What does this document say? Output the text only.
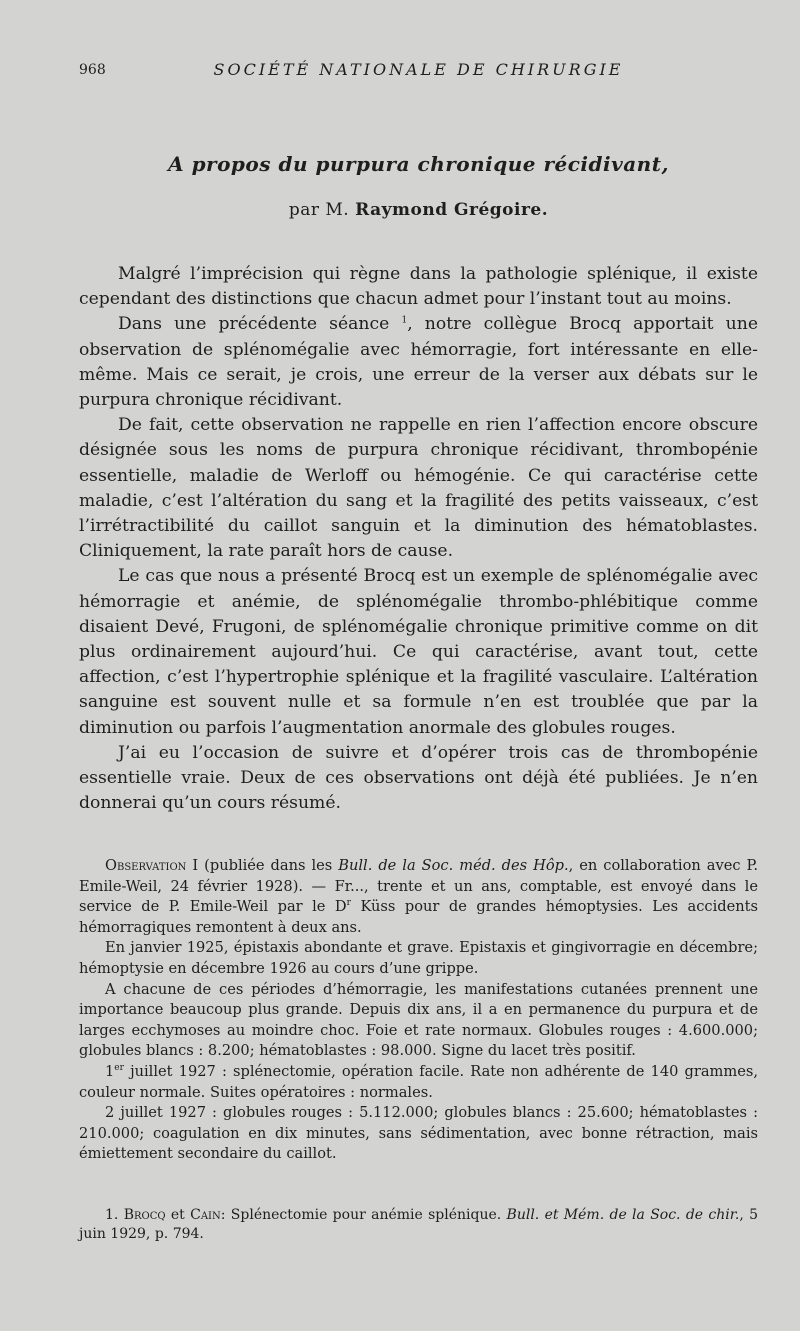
968	SOCIÉTÉ NATIONALE DE CHIRURGIE
A propos du purpura chronique récidivant,
par M. Raymond Grégoire.

Malgré l’imprécision qui règne dans la pathologie splénique, il existe cependant des distinctions que chacun admet pour l’instant tout au moins.

Dans une précédente séance $^1$, notre collègue Brocq apportait une observation de splénomégalie avec hémorragie, fort intéressante en elle-même. Mais ce serait, je crois, une erreur de la verser aux débats sur le purpura chronique récidivant.

De fait, cette observation ne rappelle en rien l’affection encore obscure désignée sous les noms de purpura chronique récidivant, thrombopénie essentielle, maladie de Werloff ou hémogénie. Ce qui caractérise cette maladie, c’est l’altération du sang et la fragilité des petits vaisseaux, c’est l’irrétractibilité du caillot sanguin et la diminution des hématoblastes. Cliniquement, la rate paraît hors de cause.

Le cas que nous a présenté Brocq est un exemple de splénomégalie avec hémorragie et anémie, de splénomégalie thrombo-phlébitique comme disaient Devé, Frugoni, de splénomégalie chronique primitive comme on dit plus ordinairement aujourd’hui. Ce qui caractérise, avant tout, cette affection, c’est l’hypertrophie splénique et la fragilité vasculaire. L’altération sanguine est souvent nulle et sa formule n’en est troublée que par la diminution ou parfois l’augmentation anormale des globules rouges.

J’ai eu l’occasion de suivre et d’opérer trois cas de thrombopénie essentielle vraie. Deux de ces observations ont déjà été publiées. Je n’en donnerai qu’un cours résumé.

Observation I (publiée dans les Bull. de la Soc. méd. des Hôp., en collaboration avec P. Emile-Weil, 24 février 1928). — Fr..., trente et un ans, comptable, est envoyé dans le service de P. Emile-Weil par le $D^r$ Küss pour de grandes hémoptysies. Les accidents hémorragiques remontent à deux ans.

En janvier 1925, épistaxis abondante et grave. Epistaxis et gingivorragie en décembre; hémoptysie en décembre 1926 au cours d’une grippe.

A chacune de ces périodes d’hémorragie, les manifestations cutanées prennent une importance beaucoup plus grande. Depuis dix ans, il a en permanence du purpura et de larges ecchymoses au moindre choc. Foie et rate normaux. Globules rouges : 4.600.000; globules blancs : 8.200; hématoblastes : 98.000. Signe du lacet très positif.

1er juillet 1927 : splénectomie, opération facile. Rate non adhérente de 140 grammes, couleur normale. Suites opératoires : normales.

2 juillet 1927 : globules rouges : 5.112.000; globules blancs : 25.600; hématoblastes : 210.000; coagulation en dix minutes, sans sédimentation, avec bonne rétraction, mais émiettement secondaire du caillot.

1. Brocq et Cain: Splénectomie pour anémie splénique. Bull. et Mém. de la Soc. de chir., 5 juin 1929, p. 794.
